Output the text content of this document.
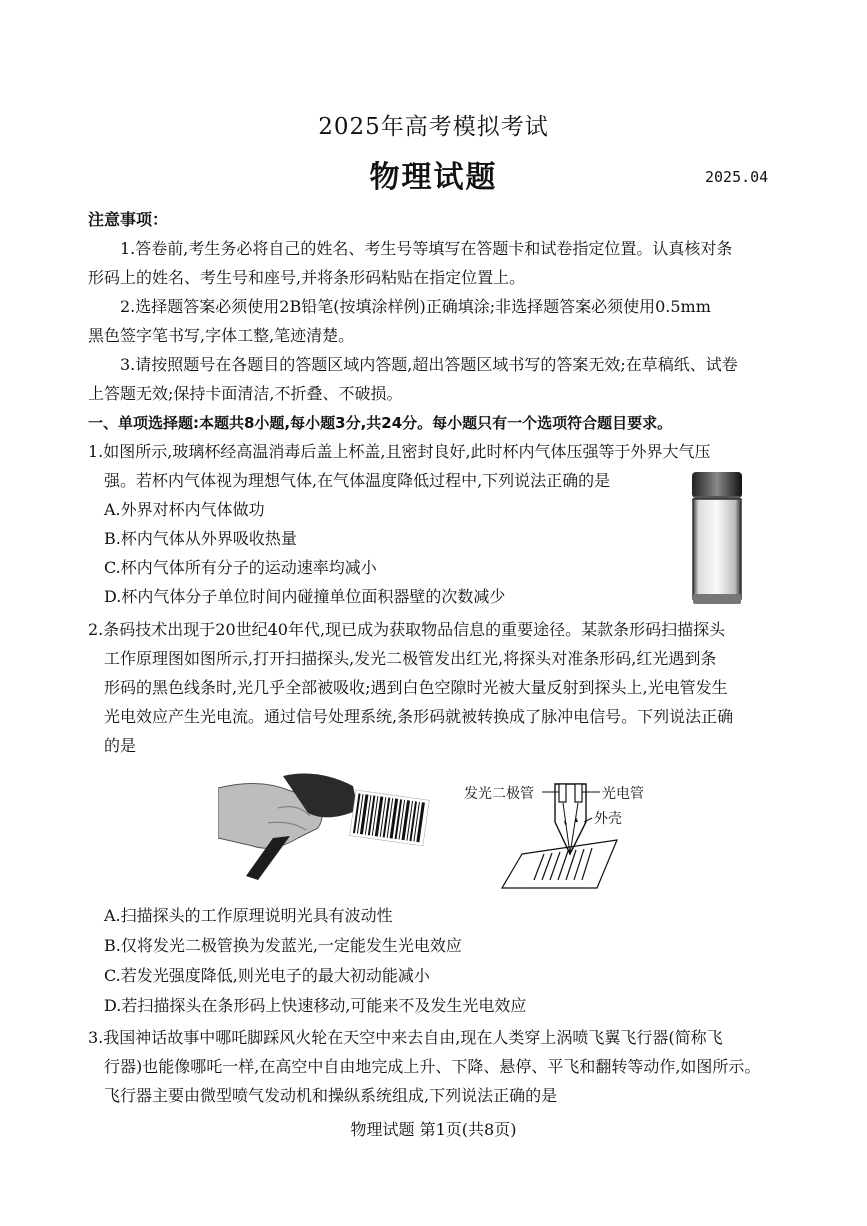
2025年高考模拟考试
物理试题	2025.04
注意事项：
1.答卷前,考生务必将自己的姓名、考生号等填写在答题卡和试卷指定位置。认真核对条
形码上的姓名、考生号和座号,并将条形码粘贴在指定位置上。
2.选择题答案必须使用2B铅笔(按填涂样例)正确填涂;非选择题答案必须使用0.5mm
黑色签字笔书写,字体工整,笔迹清楚。
3.请按照题号在各题目的答题区域内答题,超出答题区域书写的答案无效;在草稿纸、试卷
上答题无效;保持卡面清洁,不折叠、不破损。
一、单项选择题:本题共8小题,每小题3分,共24分。每小题只有一个选项符合题目要求。
1.如图所示,玻璃杯经高温消毒后盖上杯盖,且密封良好,此时杯内气体压强等于外界大气压
强。若杯内气体视为理想气体,在气体温度降低过程中,下列说法正确的是
A.外界对杯内气体做功
B.杯内气体从外界吸收热量
C.杯内气体所有分子的运动速率均减小
D.杯内气体分子单位时间内碰撞单位面积器壁的次数减少
2.条码技术出现于20世纪40年代,现已成为获取物品信息的重要途径。某款条形码扫描探头
工作原理图如图所示,打开扫描探头,发光二极管发出红光,将探头对准条形码,红光遇到条
形码的黑色线条时,光几乎全部被吸收;遇到白色空隙时光被大量反射到探头上,光电管发生
光电效应产生光电流。通过信号处理系统,条形码就被转换成了脉冲电信号。下列说法正确
的是
发光二极管	光电管
外壳
A.扫描探头的工作原理说明光具有波动性
B.仅将发光二极管换为发蓝光,一定能发生光电效应
C.若发光强度降低,则光电子的最大初动能减小
D.若扫描探头在条形码上快速移动,可能来不及发生光电效应
3.我国神话故事中哪吒脚踩风火轮在天空中来去自由,现在人类穿上涡喷飞翼飞行器(简称飞
行器)也能像哪吒一样,在高空中自由地完成上升、下降、悬停、平飞和翻转等动作,如图所示。
飞行器主要由微型喷气发动机和操纵系统组成,下列说法正确的是
物理试题 第1页(共8页)
